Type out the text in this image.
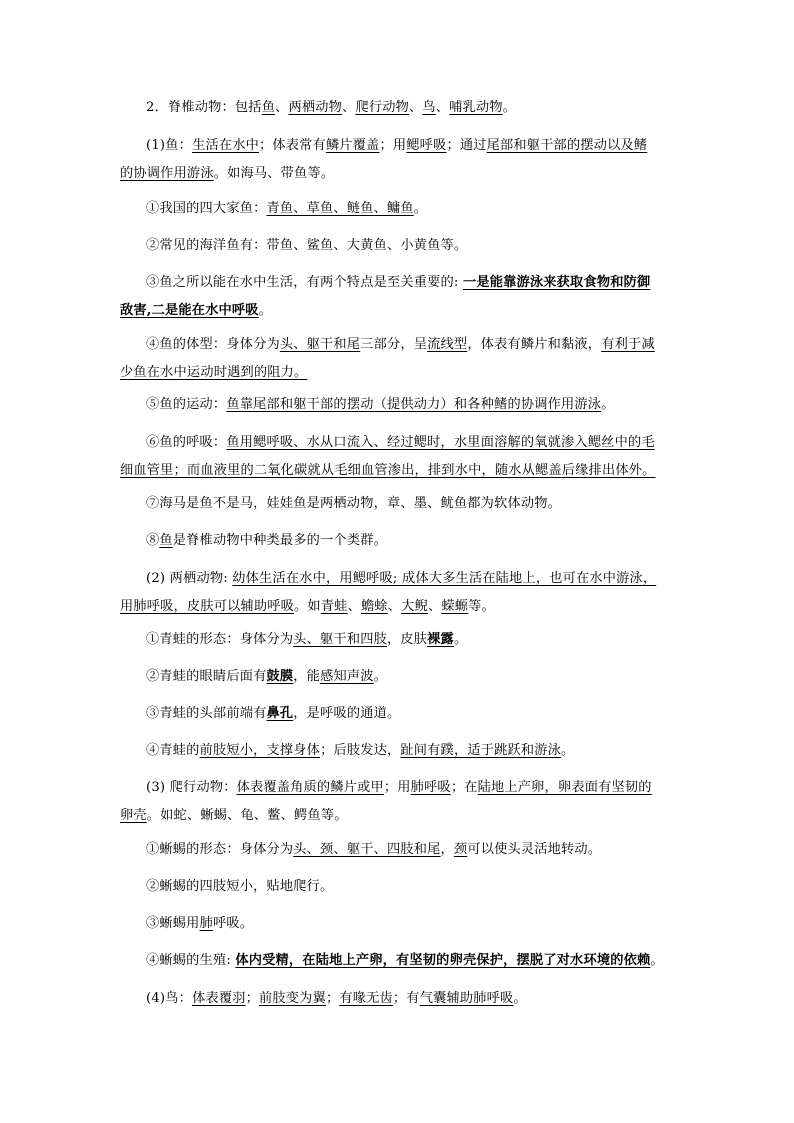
2．脊椎动物：包括鱼、两栖动物、爬行动物、鸟、哺乳动物。
(1)鱼：生活在水中；体表常有鳞片覆盖；用鳃呼吸；通过尾部和躯干部的摆动以及鳍
的协调作用游泳。如海马、带鱼等。
①我国的四大家鱼：青鱼、草鱼、鲢鱼、鳙鱼。
②常见的海洋鱼有：带鱼、鲨鱼、大黄鱼、小黄鱼等。
③鱼之所以能在水中生活，有两个特点是至关重要的: 一是能靠游泳来获取食物和防御
敌害,二是能在水中呼吸。
④鱼的体型：身体分为头、躯干和尾三部分，呈流线型，体表有鳞片和黏液，有利于减
少鱼在水中运动时遇到的阻力。
⑤鱼的运动：鱼靠尾部和躯干部的摆动（提供动力）和各种鳍的协调作用游泳。
⑥鱼的呼吸：鱼用鳃呼吸、水从口流入、经过鳃时，水里面溶解的氧就渗入鳃丝中的毛
细血管里；而血液里的二氧化碳就从毛细血管渗出，排到水中，随水从鳃盖后缘排出体外。
⑦海马是鱼不是马，娃娃鱼是两栖动物，章、墨、鱿鱼都为软体动物。
⑧鱼是脊椎动物中种类最多的一个类群。
(2) 两栖动物: 幼体生活在水中，用鳃呼吸; 成体大多生活在陆地上，也可在水中游泳，
用肺呼吸，皮肤可以辅助呼吸。如青蛙、蟾蜍、大鲵、蝾螈等。
①青蛙的形态：身体分为头、躯干和四肢，皮肤裸露。
②青蛙的眼睛后面有鼓膜，能感知声波。
③青蛙的头部前端有鼻孔，是呼吸的通道。
④青蛙的前肢短小，支撑身体；后肢发达，趾间有蹼，适于跳跃和游泳。
(3) 爬行动物：体表覆盖角质的鳞片或甲；用肺呼吸；在陆地上产卵，卵表面有坚韧的
卵壳。如蛇、蜥蜴、龟、鳖、鳄鱼等。
①蜥蜴的形态：身体分为头、颈、躯干、四肢和尾，颈可以使头灵活地转动。
②蜥蜴的四肢短小，贴地爬行。
③蜥蜴用肺呼吸。
④蜥蜴的生殖: 体内受精，在陆地上产卵，有坚韧的卵壳保护，摆脱了对水环境的依赖。
(4)鸟：体表覆羽；前肢变为翼；有喙无齿；有气囊辅助肺呼吸。
